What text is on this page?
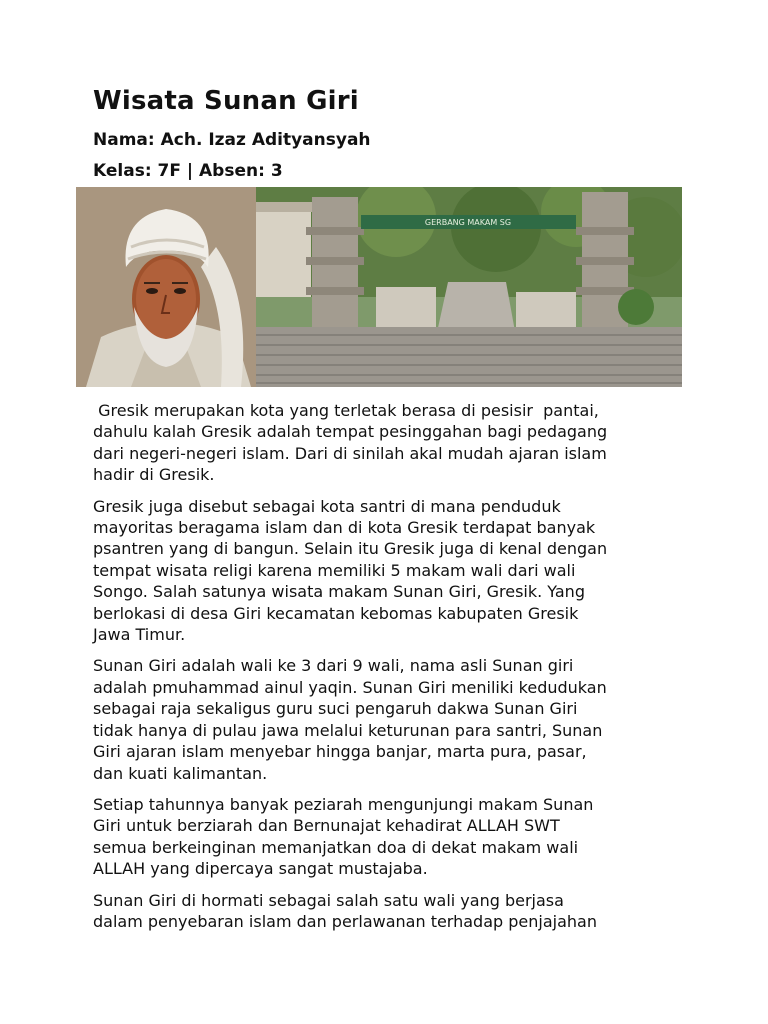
Wisata Sunan Giri

Nama: Ach. Izaz Adityansyah

Kelas: 7F | Absen: 3

GERBANG MAKAM SG

Gresik merupakan kota yang terletak berasa di pesisir  pantai,
dahulu kalah Gresik adalah tempat pesinggahan bagi pedagang
dari negeri-negeri islam. Dari di sinilah akal mudah ajaran islam
hadir di Gresik.

Gresik juga disebut sebagai kota santri di mana penduduk
mayoritas beragama islam dan di kota Gresik terdapat banyak
psantren yang di bangun. Selain itu Gresik juga di kenal dengan
tempat wisata religi karena memiliki 5 makam wali dari wali
Songo. Salah satunya wisata makam Sunan Giri, Gresik. Yang
berlokasi di desa Giri kecamatan kebomas kabupaten Gresik
Jawa Timur.

Sunan Giri adalah wali ke 3 dari 9 wali, nama asli Sunan giri
adalah pmuhammad ainul yaqin. Sunan Giri meniliki kedudukan
sebagai raja sekaligus guru suci pengaruh dakwa Sunan Giri
tidak hanya di pulau jawa melalui keturunan para santri, Sunan
Giri ajaran islam menyebar hingga banjar, marta pura, pasar,
dan kuati kalimantan.

Setiap tahunnya banyak peziarah mengunjungi makam Sunan
Giri untuk berziarah dan Bernunajat kehadirat ALLAH SWT
semua berkeinginan memanjatkan doa di dekat makam wali
ALLAH yang dipercaya sangat mustajaba.

Sunan Giri di hormati sebagai salah satu wali yang berjasa
dalam penyebaran islam dan perlawanan terhadap penjajahan
